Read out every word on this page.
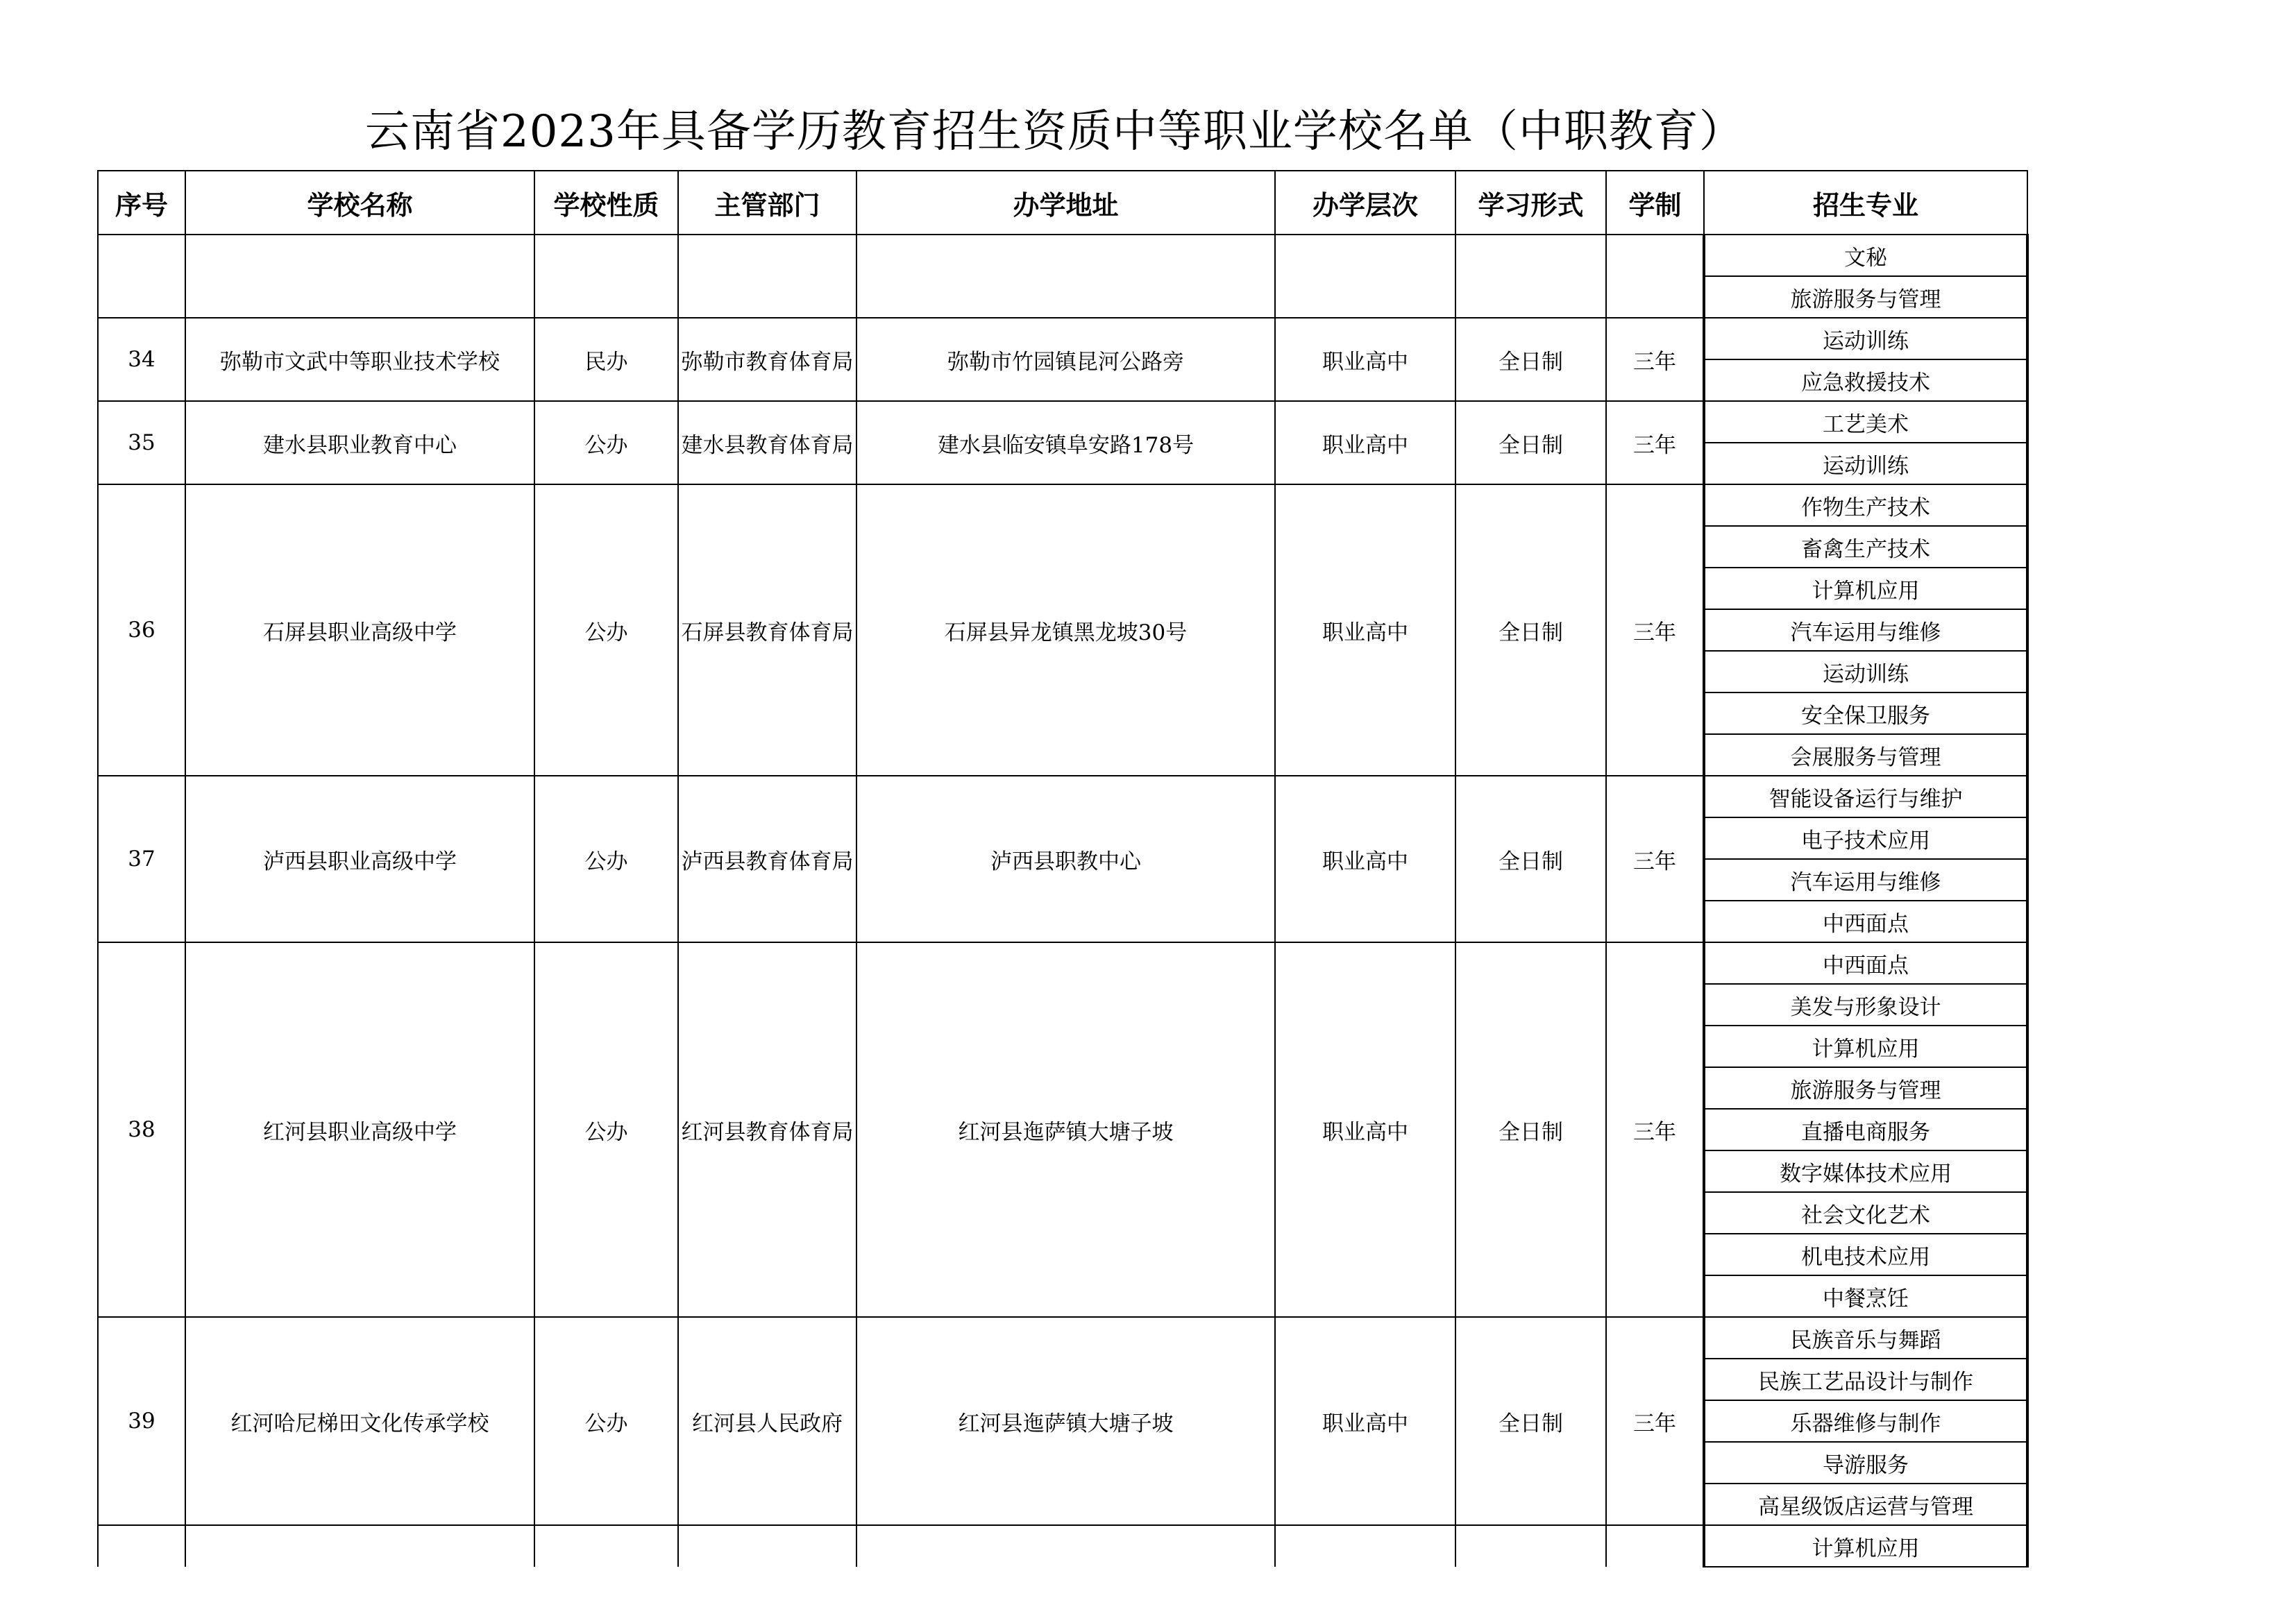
云南省2023年具备学历教育招生资质中等职业学校名单（中职教育）
序号	学校名称	学校性质	主管部门	办学地址	办学层次	学习形式	学制	招生专业
								文秘
								旅游服务与管理
34	弥勒市文武中等职业技术学校	民办	弥勒市教育体育局	弥勒市竹园镇昆河公路旁	职业高中	全日制	三年	运动训练
								应急救援技术
35	建水县职业教育中心	公办	建水县教育体育局	建水县临安镇阜安路178号	职业高中	全日制	三年	工艺美术
								运动训练
36	石屏县职业高级中学	公办	石屏县教育体育局	石屏县异龙镇黑龙坡30号	职业高中	全日制	三年	作物生产技术
								畜禽生产技术
								计算机应用
								汽车运用与维修
								运动训练
								安全保卫服务
								会展服务与管理
37	泸西县职业高级中学	公办	泸西县教育体育局	泸西县职教中心	职业高中	全日制	三年	智能设备运行与维护
								电子技术应用
								汽车运用与维修
								中西面点
38	红河县职业高级中学	公办	红河县教育体育局	红河县迤萨镇大塘子坡	职业高中	全日制	三年	中西面点
								美发与形象设计
								计算机应用
								旅游服务与管理
								直播电商服务
								数字媒体技术应用
								社会文化艺术
								机电技术应用
								中餐烹饪
39	红河哈尼梯田文化传承学校	公办	红河县人民政府	红河县迤萨镇大塘子坡	职业高中	全日制	三年	民族音乐与舞蹈
								民族工艺品设计与制作
								乐器维修与制作
								导游服务
								高星级饭店运营与管理
								计算机应用
